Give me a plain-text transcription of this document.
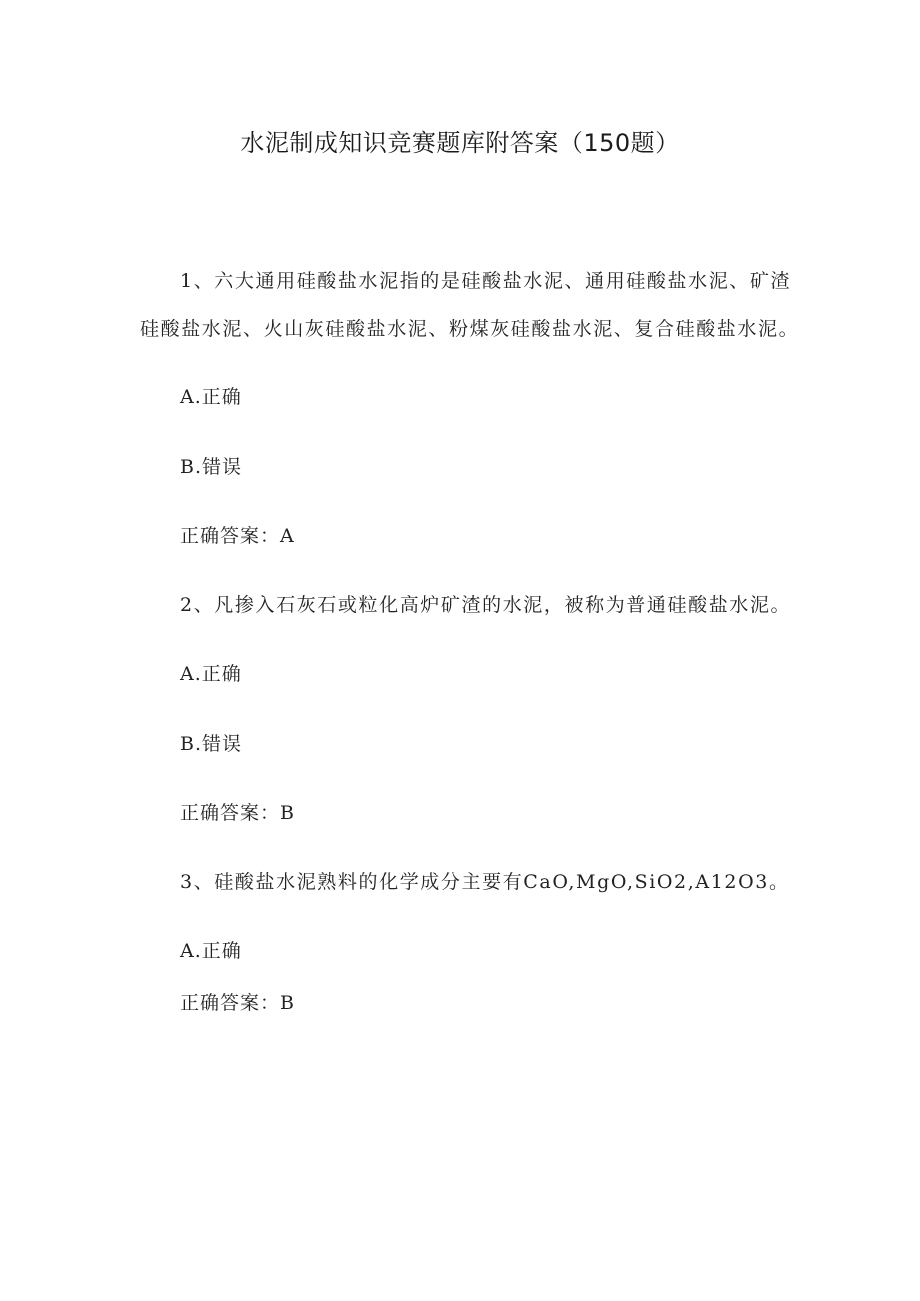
水泥制成知识竞赛题库附答案（150题）
1、六大通用硅酸盐水泥指的是硅酸盐水泥、通用硅酸盐水泥、矿渣
硅酸盐水泥、火山灰硅酸盐水泥、粉煤灰硅酸盐水泥、复合硅酸盐水泥。
A.正确
B.错误
正确答案：A
2、凡掺入石灰石或粒化高炉矿渣的水泥，被称为普通硅酸盐水泥。
A.正确
B.错误
正确答案：B
3、硅酸盐水泥熟料的化学成分主要有CaO,MgO,SiO2,A12O3。
A.正确
正确答案：B
